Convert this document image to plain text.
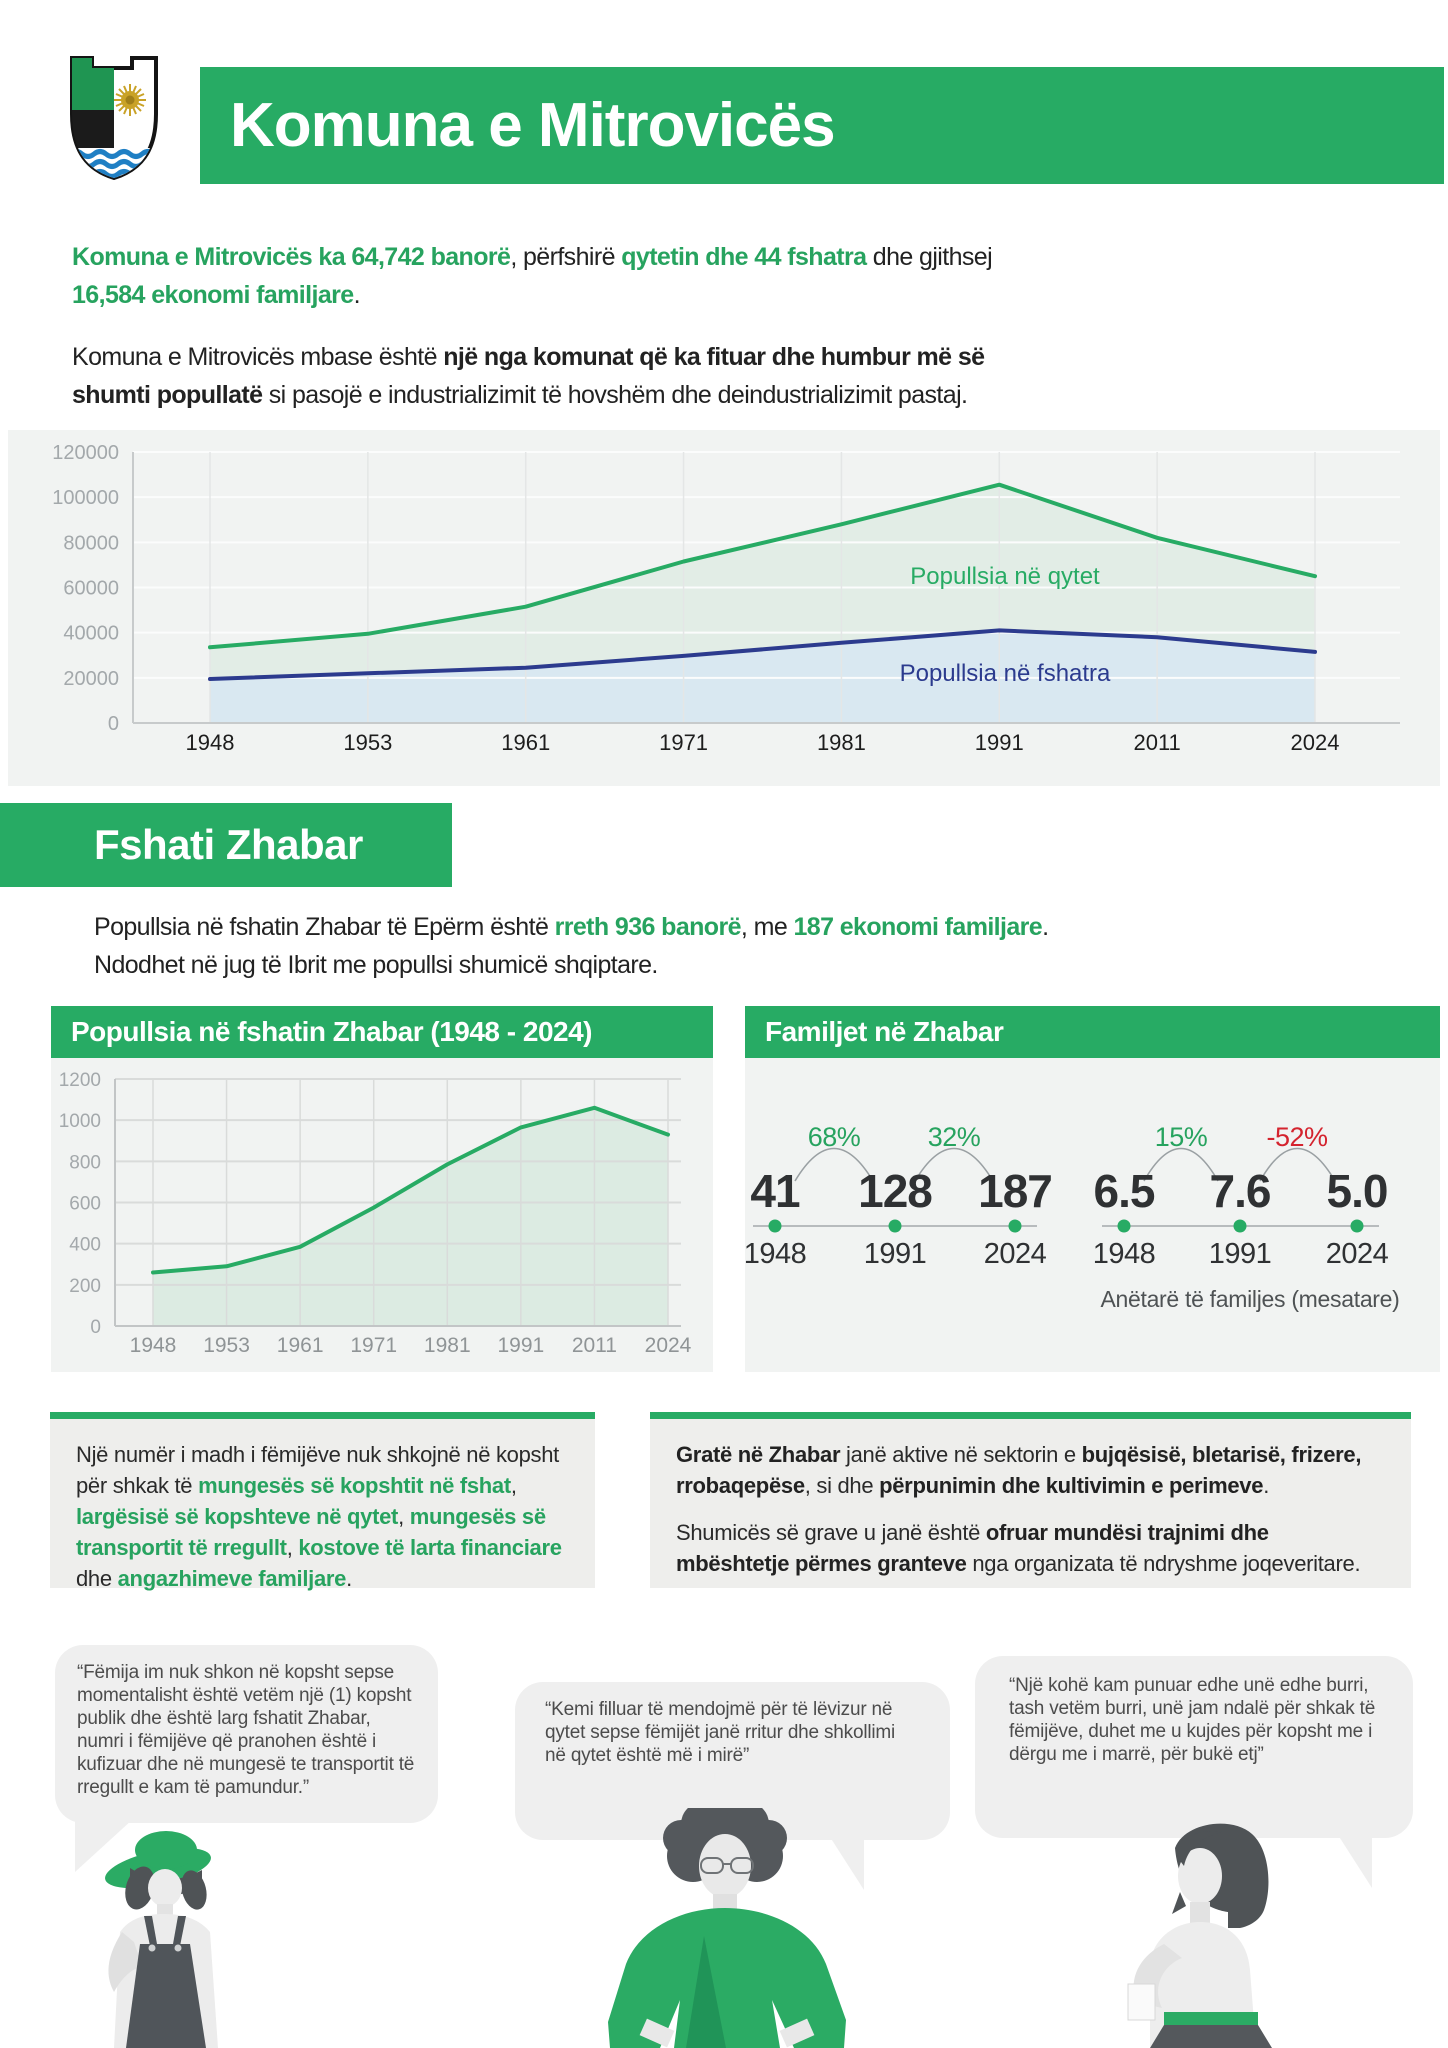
Komuna e Mitrovicës
Komuna e Mitrovicës ka 64,742 banorë, përfshirë qytetin dhe 44 fshatra dhe gjithsej
16,584 ekonomi familjare.
Komuna e Mitrovicës mbase është një nga komunat që ka fituar dhe humbur më së
shumti popullatë si pasojë e industrializimit të hovshëm dhe deindustrializimit pastaj.
0
20000
40000
60000
80000
100000
120000
1948	1953	1961	1971	1981	1991	2011	2024
Popullsia në qytet
Popullsia në fshatra
Fshati Zhabar
Popullsia në fshatin Zhabar të Epërm është rreth 936 banorë, me 187 ekonomi familjare.
Ndodhet në jug të Ibrit me popullsi shumicë shqiptare.
Popullsia në fshatin Zhabar (1948 - 2024)
0
200
400
600
800
1000
1200
1948 1953 1961 1971 1981 1991 2011 2024
Familjet në Zhabar
68%	32%	15%	-52%
41	128	187 6.5	7.6	5.0
1948	1991	2024	1948	1991	2024
Anëtarë të familjes (mesatare)
Një numër i madh i fëmijëve nuk shkojnë në kopsht për shkak të mungesës së kopshtit në fshat, largësisë së kopshteve në qytet, mungesës së transportit të rregullt, kostove të larta financiare dhe angazhimeve familjare.
Gratë në Zhabar janë aktive në sektorin e bujqësisë, bletarisë, frizere, rrobaqepëse, si dhe përpunimin dhe kultivimin e perimeve.
Shumicës së grave u janë është ofruar mundësi trajnimi dhe mbështetje përmes granteve nga organizata të ndryshme joqeveritare.
“Fëmija im nuk shkon në kopsht sepse momentalisht është vetëm një (1) kopsht publik dhe është larg fshatit Zhabar, numri i fëmijëve që pranohen është i kufizuar dhe në mungesë te transportit të rregullt e kam të pamundur.”
“Kemi filluar të mendojmë për të lëvizur në qytet sepse fëmijët janë rritur dhe shkollimi në qytet është më i mirë”
“Një kohë kam punuar edhe unë edhe burri, tash vetëm burri, unë jam ndalë për shkak të fëmijëve, duhet me u kujdes për kopsht me i dërgu me i marrë, për bukë etj”
